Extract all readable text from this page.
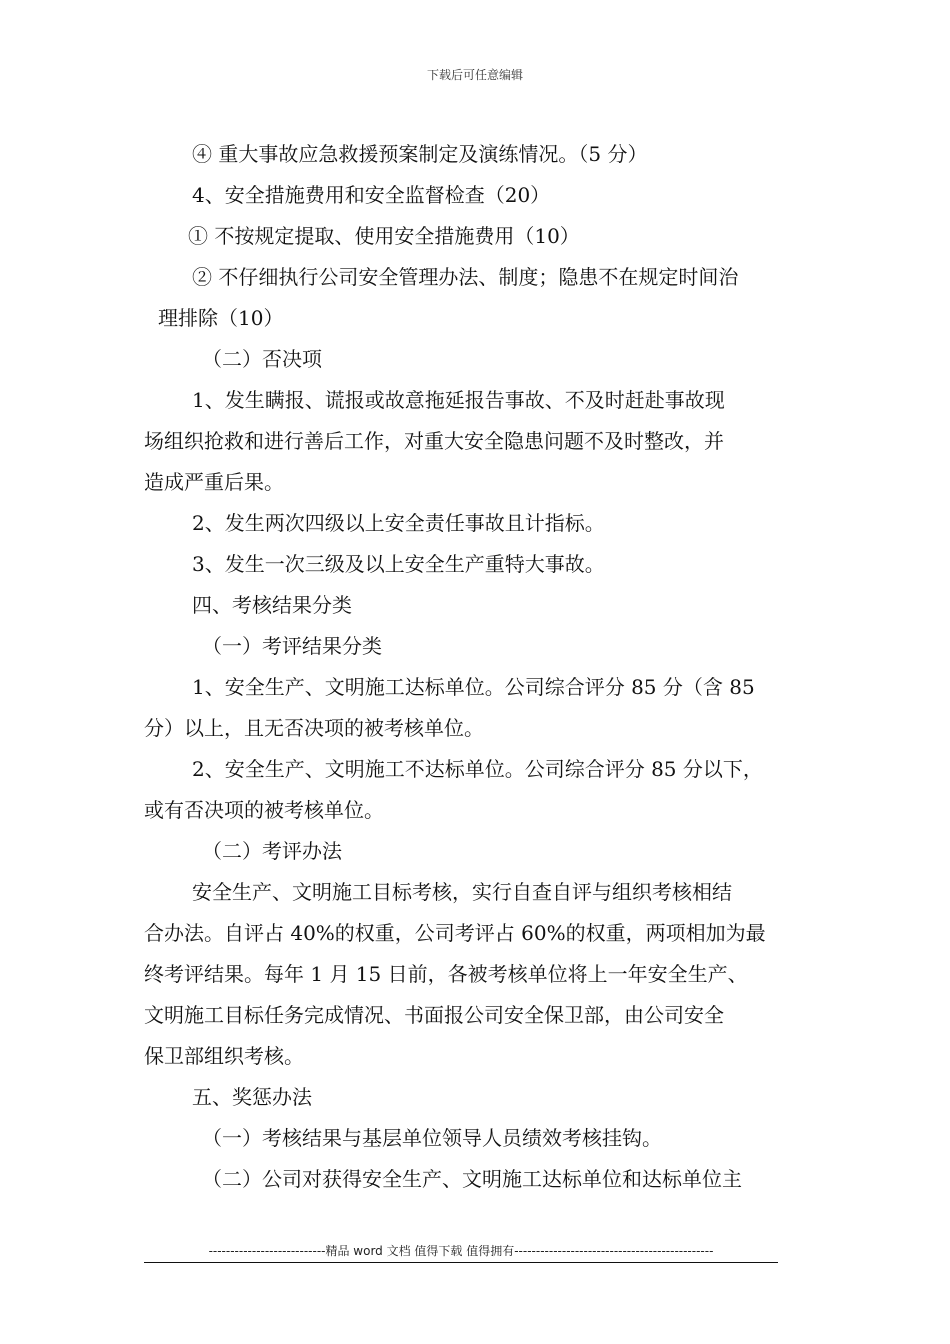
下载后可任意编辑

④ 重大事故应急救援预案制定及演练情况。（5 分）

4、安全措施费用和安全监督检查（20）

① 不按规定提取、使用安全措施费用（10）

② 不仔细执行公司安全管理办法、制度；隐患不在规定时间治

理排除（10）

（二）否决项

1、发生瞒报、谎报或故意拖延报告事故、不及时赶赴事故现

场组织抢救和进行善后工作，对重大安全隐患问题不及时整改，并

造成严重后果。

2、发生两次四级以上安全责任事故且计指标。

3、发生一次三级及以上安全生产重特大事故。

四、考核结果分类

（一）考评结果分类

1、安全生产、文明施工达标单位。公司综合评分 85 分（含 85

分）以上，且无否决项的被考核单位。

2、安全生产、文明施工不达标单位。公司综合评分 85 分以下，

或有否决项的被考核单位。

（二）考评办法

安全生产、文明施工目标考核，实行自查自评与组织考核相结

合办法。自评占 40%的权重，公司考评占 60%的权重，两项相加为最

终考评结果。每年 1 月 15 日前，各被考核单位将上一年安全生产、

文明施工目标任务完成情况、书面报公司安全保卫部，由公司安全

保卫部组织考核。

五、奖惩办法

（一）考核结果与基层单位领导人员绩效考核挂钩。

（二）公司对获得安全生产、文明施工达标单位和达标单位主

---------------------------精品 word 文档 值得下载 值得拥有----------------------------------------------
